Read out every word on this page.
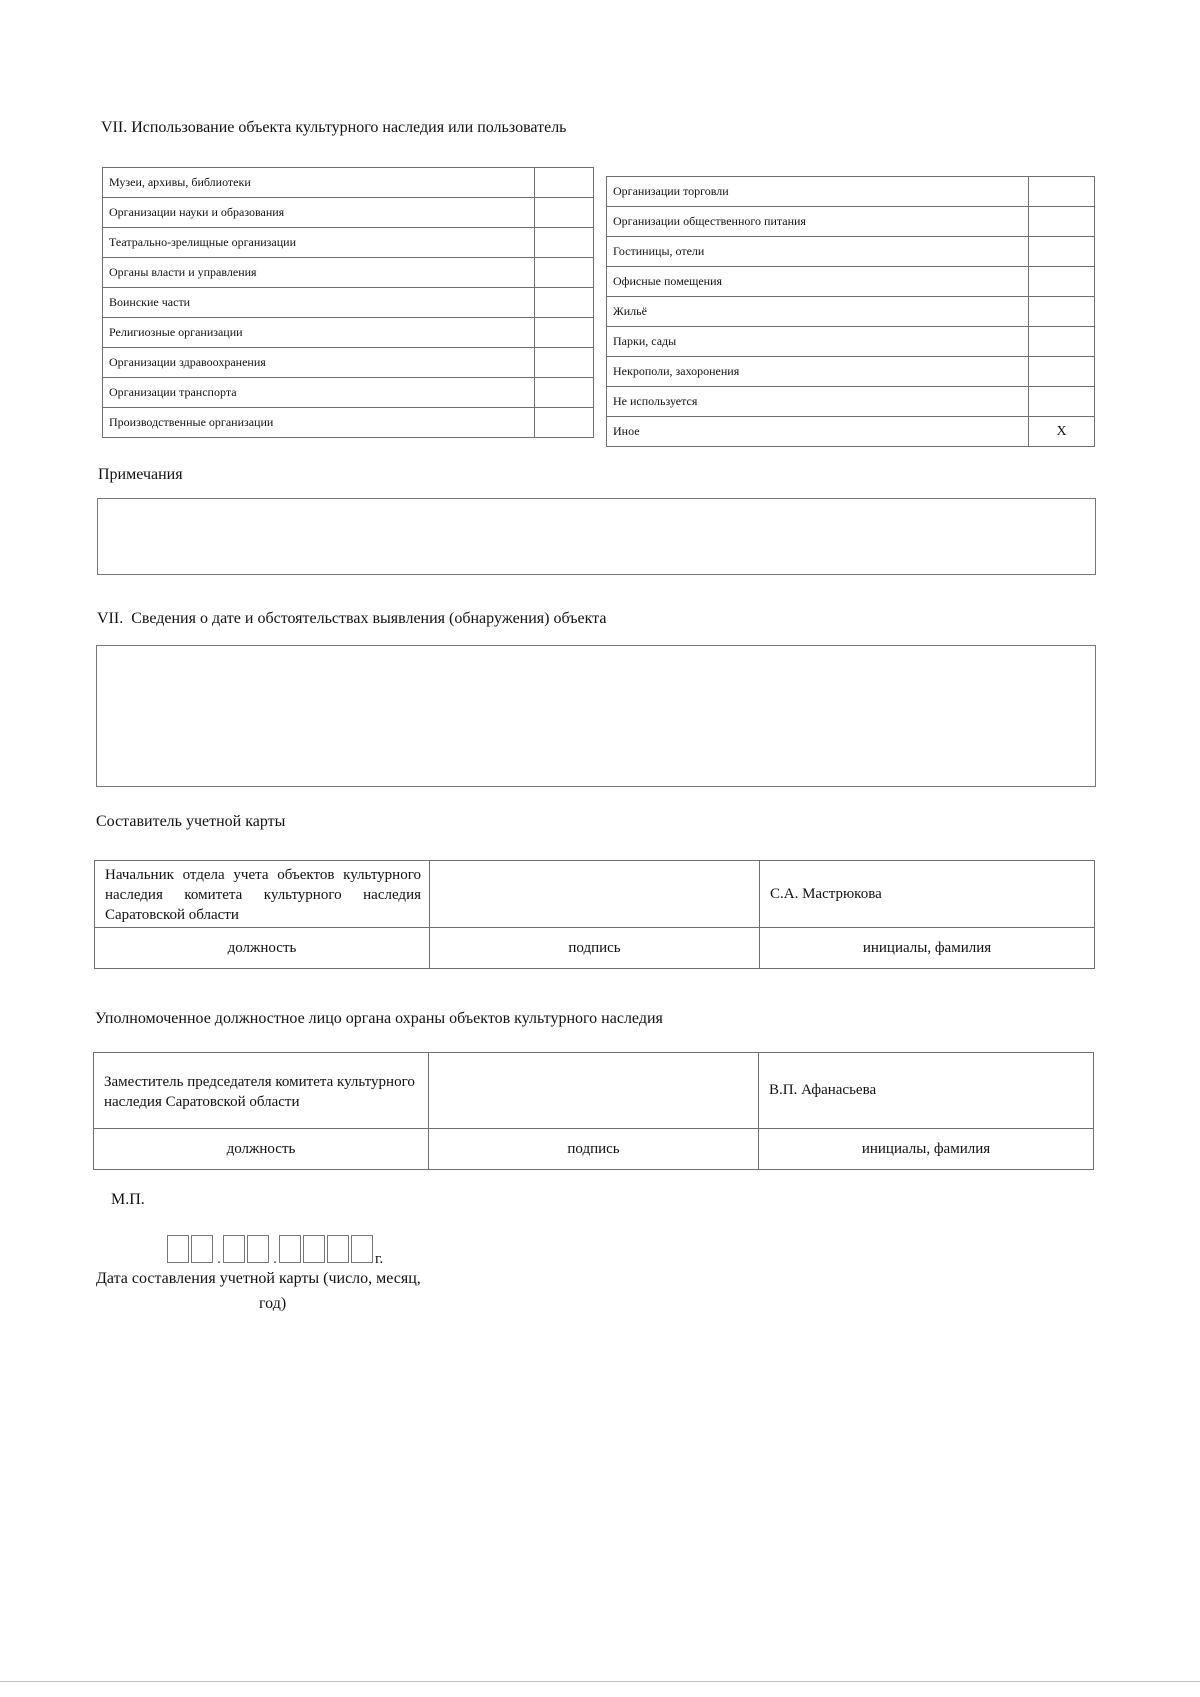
VII. Использование объекта культурного наследия или пользователь
Музеи, архивы, библиотеки	
Организации науки и образования	
Театрально-зрелищные организации	
Органы власти и управления	
Воинские части	
Религиозные организации	
Организации здравоохранения	
Организации транспорта	
Производственные организации	
Организации торговли	
Организации общественного питания	
Гостиницы, отели	
Офисные помещения	
Жильё	
Парки, сады	
Некрополи, захоронения	
Не используется	
Иное	X
Примечания
VII. Сведения о дате и обстоятельствах выявления (обнаружения) объекта
Составитель учетной карты
Начальник отдела учета объектов культурного наследия комитета культурного наследия Саратовской области		С.А. Мастрюкова
должность	подпись	инициалы, фамилия
Уполномоченное должностное лицо органа охраны объектов культурного наследия
Заместитель председателя комитета культурного наследия Саратовской области		В.П. Афанасьева
должность	подпись	инициалы, фамилия
М.П.
.	.	г.
Дата составления учетной карты (число, месяц,
год)
